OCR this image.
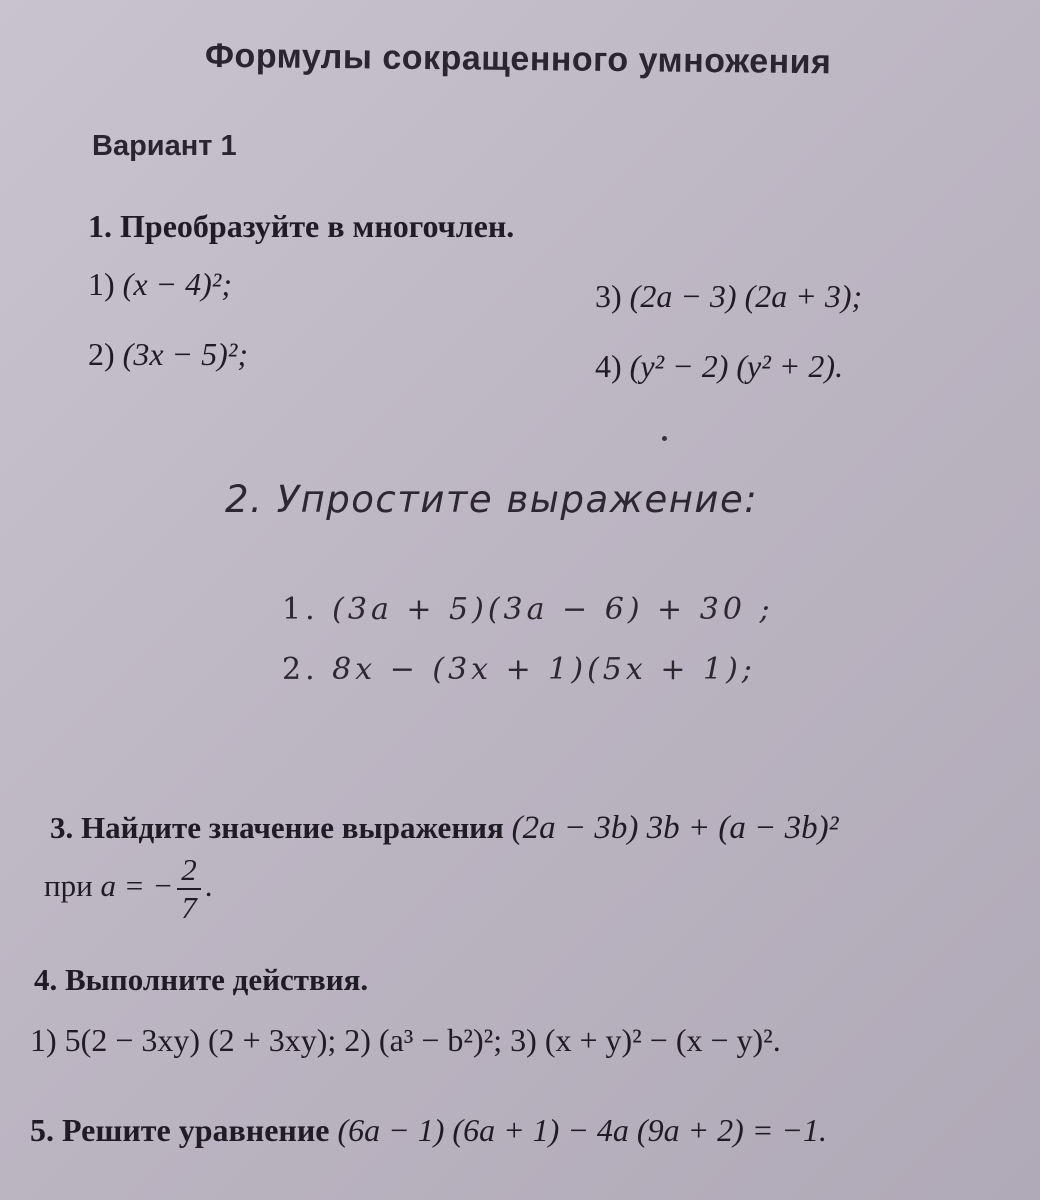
Формулы сокращенного умножения
Вариант 1
1. Преобразуйте в многочлен.
1) (x − 4)²;
2) (3x − 5)²;
3) (2a − 3) (2a + 3);
4) (y² − 2) (y² + 2).
2. Упростите выражение:
1. (3a + 5)(3a − 6) + 30 ;
2. 8x − (3x + 1)(5x + 1);
3. Найдите значение выражения (2a − 3b) 3b + (a − 3b)²
при a = − $\frac{2}{7}$ .
4. Выполните действия.
1) 5(2 − 3xy) (2 + 3xy); 2) (a³ − b²)²; 3) (x + y)² − (x − y)².
5. Решите уравнение (6a − 1) (6a + 1) − 4a (9a + 2) = −1.
